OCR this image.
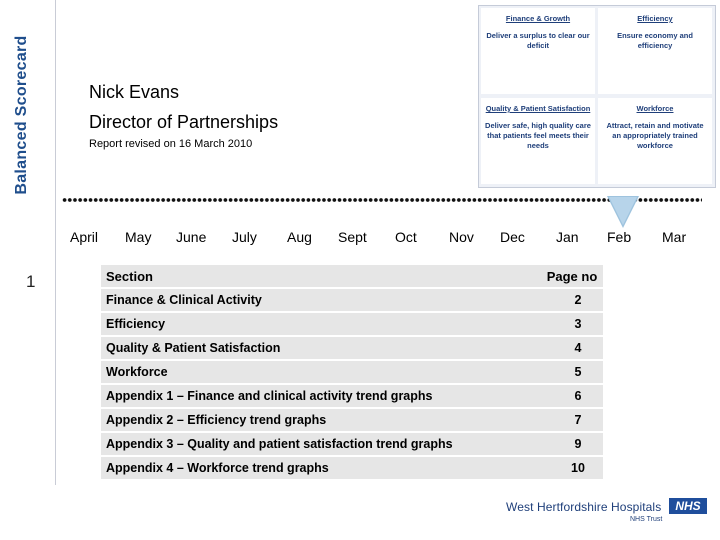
Balanced Scorecard
1
Nick Evans
Director of Partnerships
Report revised on 16 March 2010
Finance & Growth
Deliver a surplus to clear our deficit
Efficiency
Ensure economy and efficiency
Quality & Patient Satisfaction
Deliver safe, high quality care that patients feel meets their needs
Workforce
Attract, retain and motivate an appropriately trained workforce
April May June July Aug Sept Oct Nov Dec Jan Feb Mar
Section	Page no
Finance & Clinical Activity	2
Efficiency	3
Quality & Patient Satisfaction	4
Workforce	5
Appendix 1 – Finance and clinical activity trend graphs	6
Appendix 2 – Efficiency trend graphs	7
Appendix 3 – Quality and patient satisfaction trend graphs	9
Appendix 4 – Workforce trend graphs	10
West Hertfordshire Hospitals	NHS
NHS Trust
